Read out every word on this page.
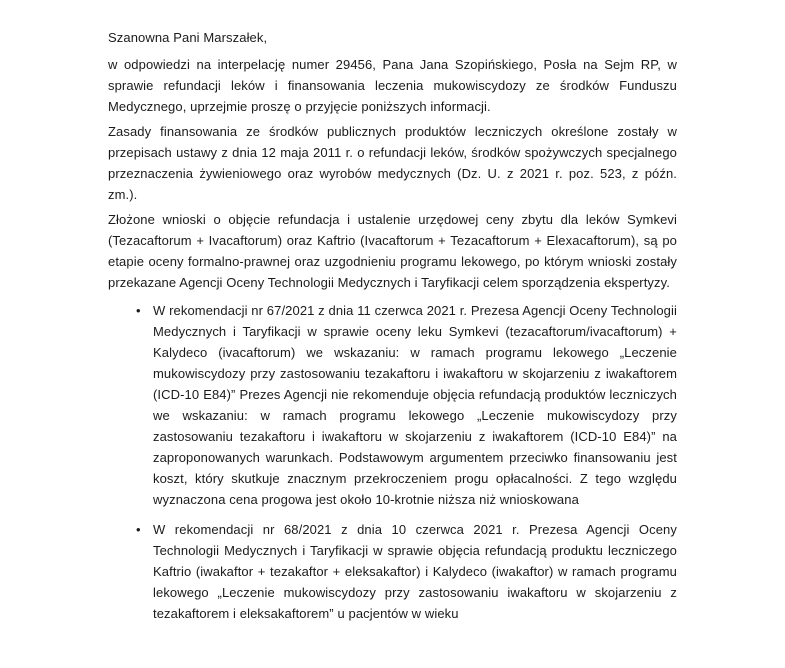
Szanowna Pani Marszałek,

w odpowiedzi na interpelację numer 29456, Pana Jana Szopińskiego, Posła na Sejm RP, w sprawie refundacji leków i finansowania leczenia mukowiscydozy ze środków Funduszu Medycznego, uprzejmie proszę o przyjęcie poniższych informacji.

Zasady finansowania ze środków publicznych produktów leczniczych określone zostały w przepisach ustawy z dnia 12 maja 2011 r. o refundacji leków, środków spożywczych specjalnego przeznaczenia żywieniowego oraz wyrobów medycznych (Dz. U. z 2021 r. poz. 523, z późn. zm.).

Złożone wnioski o objęcie refundacja i ustalenie urzędowej ceny zbytu dla leków Symkevi (Tezacaftorum + Ivacaftorum) oraz Kaftrio (Ivacaftorum + Tezacaftorum + Elexacaftorum), są po etapie oceny formalno-prawnej oraz uzgodnieniu programu lekowego, po którym wnioski zostały przekazane Agencji Oceny Technologii Medycznych i Taryfikacji celem sporządzenia ekspertyzy.

• W rekomendacji nr 67/2021 z dnia 11 czerwca 2021 r. Prezesa Agencji Oceny Technologii Medycznych i Taryfikacji w sprawie oceny leku Symkevi (tezacaftorum/ivacaftorum) + Kalydeco (ivacaftorum) we wskazaniu: w ramach programu lekowego „Leczenie mukowiscydozy przy zastosowaniu tezakaftoru i iwakaftoru w skojarzeniu z iwakaftorem (ICD-10 E84)” Prezes Agencji nie rekomenduje objęcia refundacją produktów leczniczych we wskazaniu: w ramach programu lekowego „Leczenie mukowiscydozy przy zastosowaniu tezakaftoru i iwakaftoru w skojarzeniu z iwakaftorem (ICD-10 E84)” na zaproponowanych warunkach. Podstawowym argumentem przeciwko finansowaniu jest koszt, który skutkuje znacznym przekroczeniem progu opłacalności. Z tego względu wyznaczona cena progowa jest około 10-krotnie niższa niż wnioskowana
• W rekomendacji nr 68/2021 z dnia 10 czerwca 2021 r. Prezesa Agencji Oceny Technologii Medycznych i Taryfikacji w sprawie objęcia refundacją produktu leczniczego Kaftrio (iwakaftor + tezakaftor + eleksakaftor) i Kalydeco (iwakaftor) w ramach programu lekowego „Leczenie mukowiscydozy przy zastosowaniu iwakaftoru w skojarzeniu z tezakaftorem i eleksakaftorem” u pacjentów w wieku
